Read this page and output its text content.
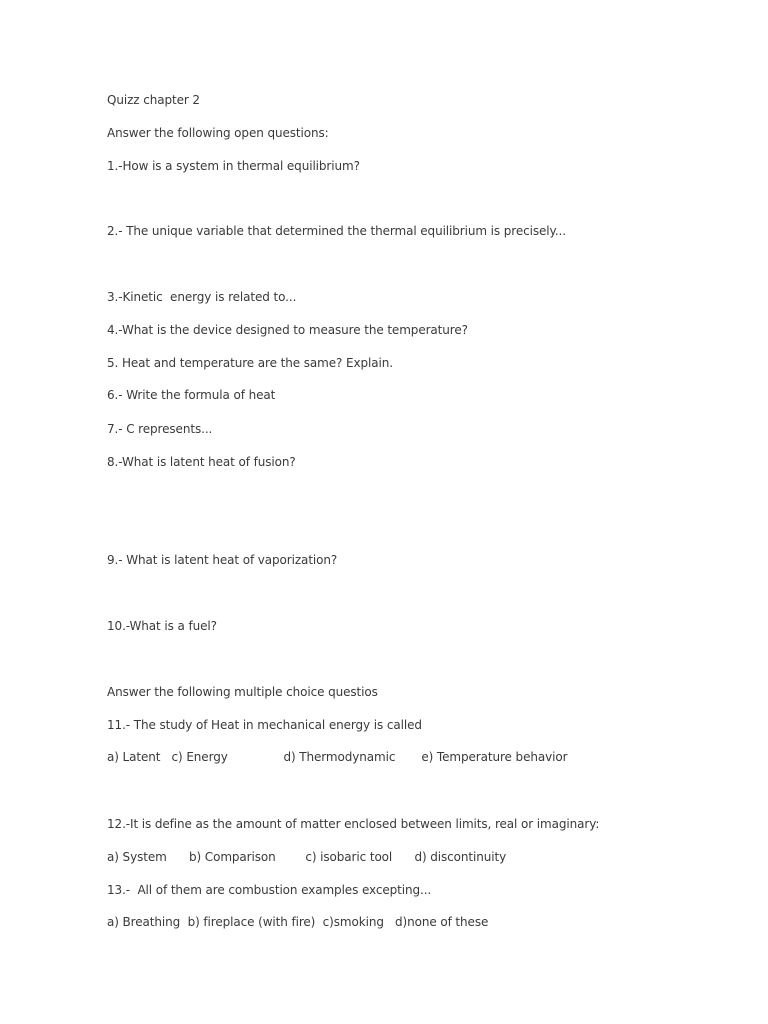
Quizz chapter 2
Answer the following open questions:
1.-How is a system in thermal equilibrium?
2.- The unique variable that determined the thermal equilibrium is precisely...
3.-Kinetic  energy is related to...
4.-What is the device designed to measure the temperature?
5. Heat and temperature are the same? Explain.
6.- Write the formula of heat
7.- C represents...
8.-What is latent heat of fusion?
9.- What is latent heat of vaporization?
10.-What is a fuel?
Answer the following multiple choice questios
11.- The study of Heat in mechanical energy is called
a) Latent   c) Energy               d) Thermodynamic       e) Temperature behavior
12.-It is define as the amount of matter enclosed between limits, real or imaginary:
a) System      b) Comparison        c) isobaric tool      d) discontinuity
13.-  All of them are combustion examples excepting...
a) Breathing  b) fireplace (with fire)  c)smoking   d)none of these
